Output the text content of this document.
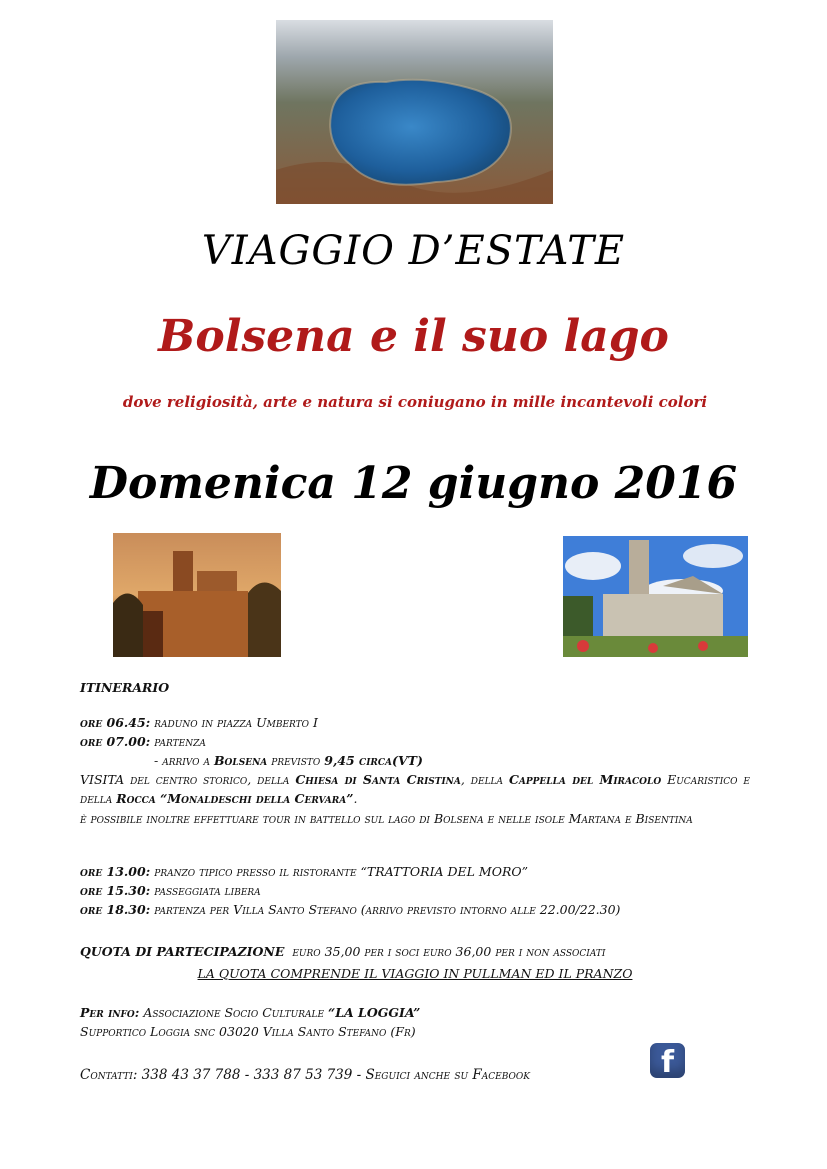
VIAGGIO D’ESTATE
Bolsena e il suo lago
dove religiosità, arte e natura si coniugano in mille incantevoli colori
Domenica 12 giugno 2016
ITINERARIO
ore 06.45: raduno in piazza Umberto I
ore 07.00: partenza
- arrivo a Bolsena previsto 9,45 circa(VT)
VISITA del centro storico, della Chiesa di Santa Cristina, della Cappella del Miracolo Eucaristico e della Rocca “Monaldeschi della Cervara”.
è possibile inoltre effettuare tour in battello sul lago di Bolsena e nelle isole Martana e Bisentina
ore 13.00: pranzo tipico presso il ristorante “TRATTORIA DEL MORO”
ore 15.30: passeggiata libera
ore 18.30: partenza per Villa Santo Stefano (arrivo previsto intorno alle 22.00/22.30)
QUOTA DI PARTECIPAZIONE euro 35,00 per i soci euro 36,00 per i non associati
LA QUOTA COMPRENDE IL VIAGGIO IN PULLMAN ED IL PRANZO
Per info: Associazione Socio Culturale “LA LOGGIA”
Supportico Loggia snc 03020 Villa Santo Stefano (Fr)
Contatti: 338 43 37 788 - 333 87 53 739 - Seguici anche su Facebook	f
